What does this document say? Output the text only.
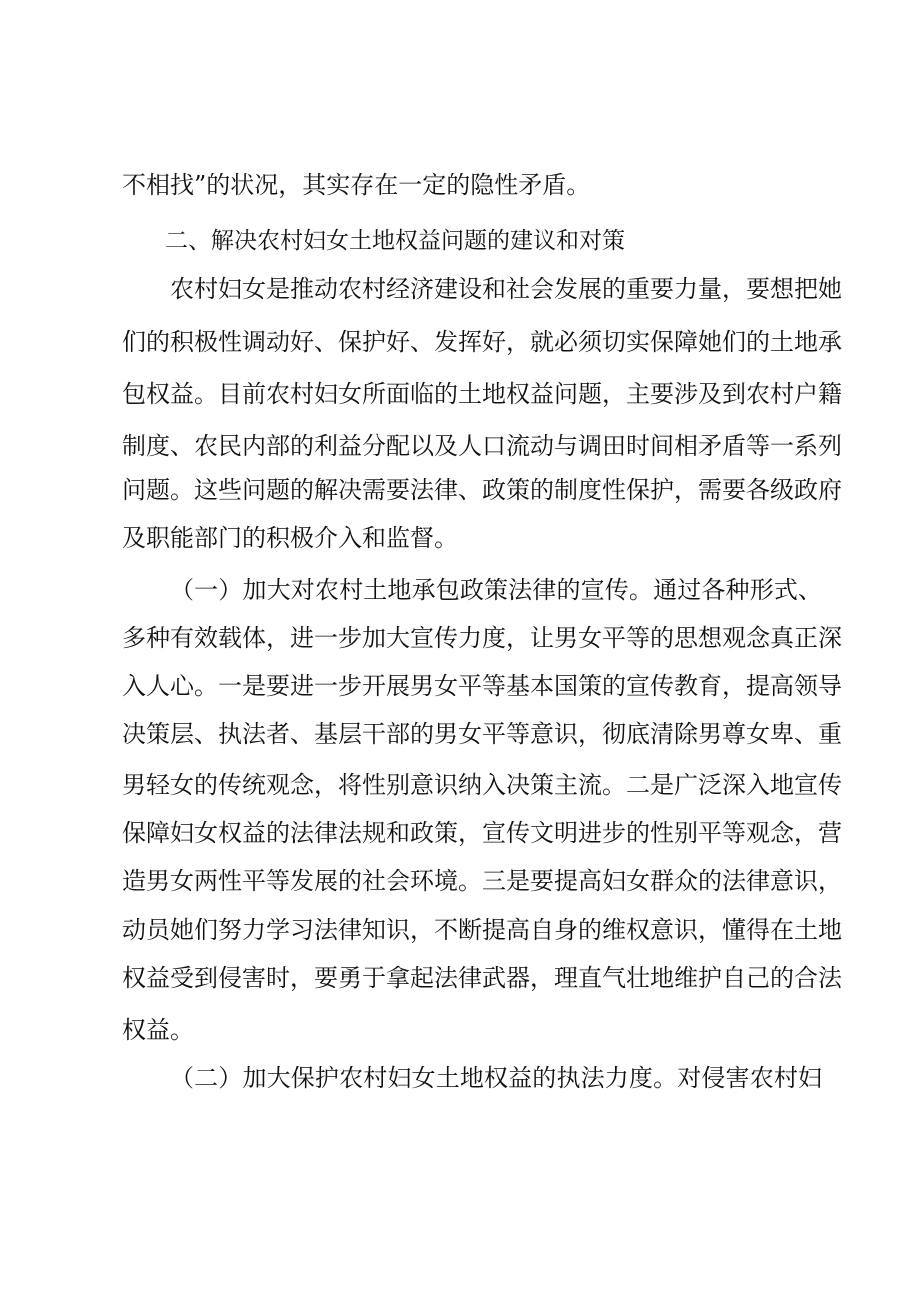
不相找”的状况，其实存在一定的隐性矛盾。
二、解决农村妇女土地权益问题的建议和对策
农村妇女是推动农村经济建设和社会发展的重要力量，要想把她
们的积极性调动好、保护好、发挥好，就必须切实保障她们的土地承
包权益。目前农村妇女所面临的土地权益问题，主要涉及到农村户籍
制度、农民内部的利益分配以及人口流动与调田时间相矛盾等一系列
问题。这些问题的解决需要法律、政策的制度性保护，需要各级政府
及职能部门的积极介入和监督。
（一）加大对农村土地承包政策法律的宣传。通过各种形式、
多种有效载体，进一步加大宣传力度，让男女平等的思想观念真正深
入人心。一是要进一步开展男女平等基本国策的宣传教育，提高领导
决策层、执法者、基层干部的男女平等意识，彻底清除男尊女卑、重
男轻女的传统观念，将性别意识纳入决策主流。二是广泛深入地宣传
保障妇女权益的法律法规和政策，宣传文明进步的性别平等观念，营
造男女两性平等发展的社会环境。三是要提高妇女群众的法律意识，
动员她们努力学习法律知识，不断提高自身的维权意识，懂得在土地
权益受到侵害时，要勇于拿起法律武器，理直气壮地维护自己的合法
权益。
（二）加大保护农村妇女土地权益的执法力度。对侵害农村妇
